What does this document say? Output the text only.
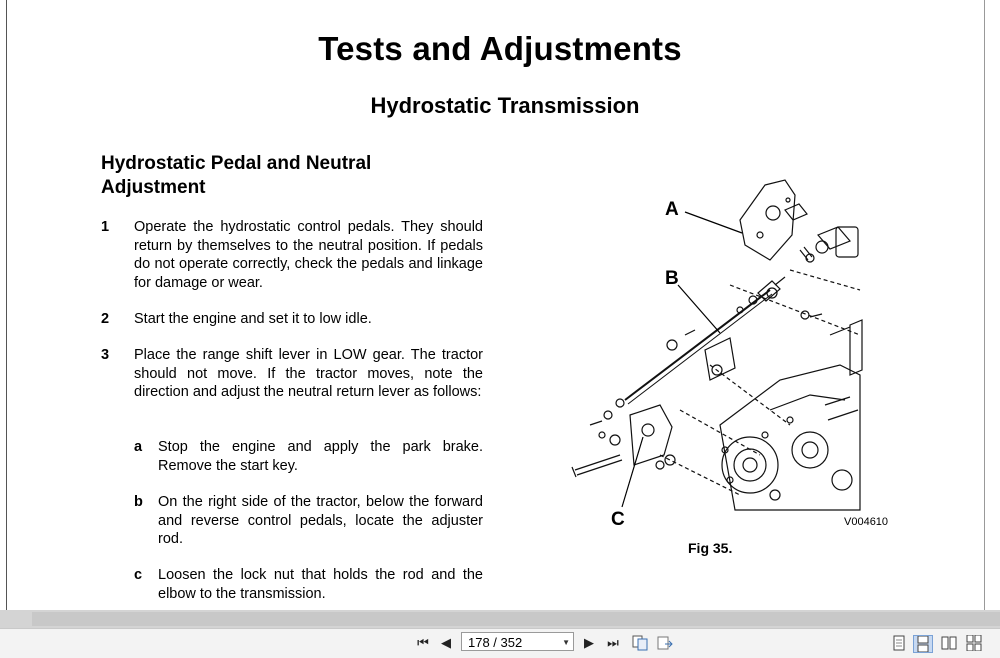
Tests and Adjustments
Hydrostatic Transmission
Hydrostatic Pedal and Neutral Adjustment
1 Operate the hydrostatic control pedals. They should return by themselves to the neutral position. If pedals do not operate correctly, check the pedals and linkage for damage or wear.
2 Start the engine and set it to low idle.
3 Place the range shift lever in LOW gear. The tractor should not move. If the tractor moves, note the direction and adjust the neutral return lever as follows:
a Stop the engine and apply the park brake. Remove the start key.
b On the right side of the tractor, below the forward and reverse control pedals, locate the adjuster rod.
c Loosen the lock nut that holds the rod and the elbow to the transmission.
A
B
C	V004610
Fig 35.
⏮ ◀	178 / 352	▼	▶	⏭
